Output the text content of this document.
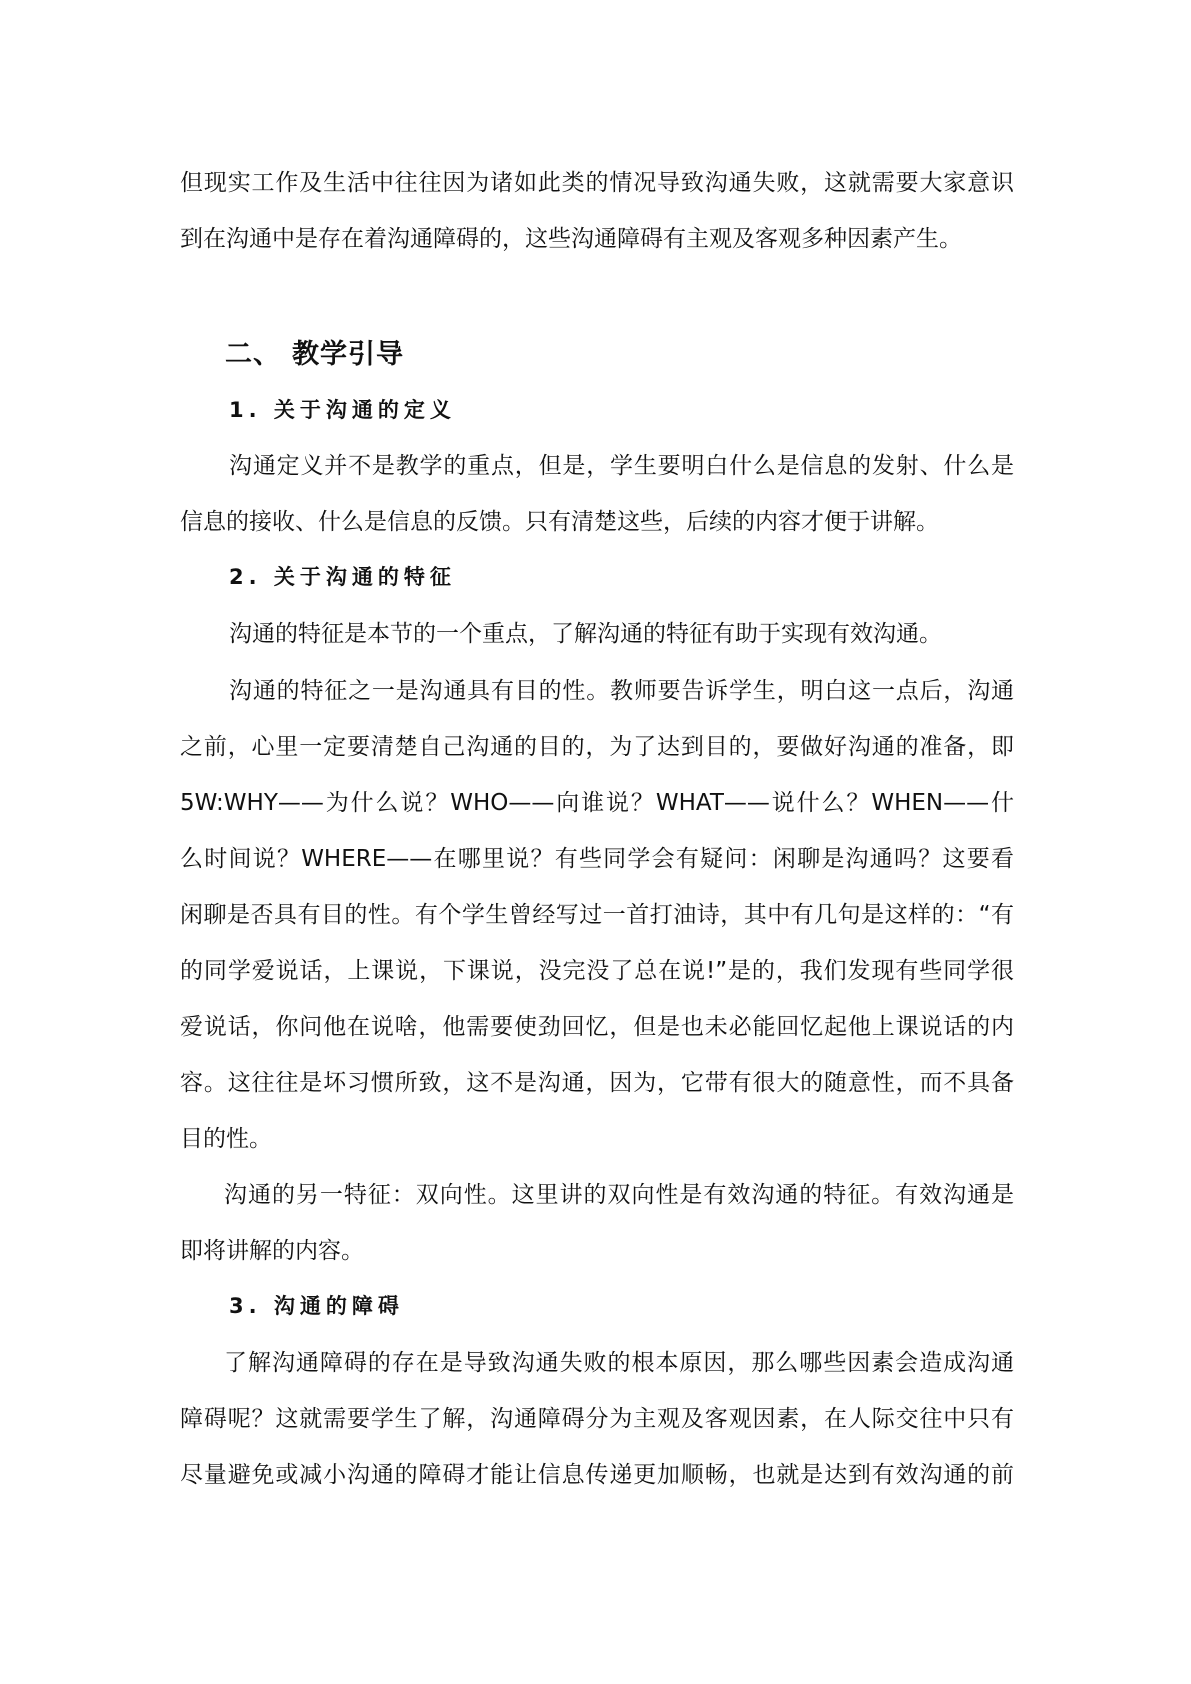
但现实工作及生活中往往因为诸如此类的情况导致沟通失败，这就需要大家意识
到在沟通中是存在着沟通障碍的，这些沟通障碍有主观及客观多种因素产生。
二、 教学引导
1. 关于沟通的定义
沟通定义并不是教学的重点，但是，学生要明白什么是信息的发射、什么是
信息的接收、什么是信息的反馈。只有清楚这些，后续的内容才便于讲解。
2. 关于沟通的特征
沟通的特征是本节的一个重点，了解沟通的特征有助于实现有效沟通。
沟通的特征之一是沟通具有目的性。教师要告诉学生，明白这一点后，沟通
之前，心里一定要清楚自己沟通的目的，为了达到目的，要做好沟通的准备，即
5W:WHY——为什么说？WHO——向谁说？WHAT——说什么？WHEN——什
么时间说？WHERE——在哪里说？有些同学会有疑问：闲聊是沟通吗？这要看
闲聊是否具有目的性。有个学生曾经写过一首打油诗，其中有几句是这样的：“有
的同学爱说话，上课说，下课说，没完没了总在说!”是的，我们发现有些同学很
爱说话，你问他在说啥，他需要使劲回忆，但是也未必能回忆起他上课说话的内
容。这往往是坏习惯所致，这不是沟通，因为，它带有很大的随意性，而不具备
目的性。
沟通的另一特征：双向性。这里讲的双向性是有效沟通的特征。有效沟通是
即将讲解的内容。
3. 沟通的障碍
了解沟通障碍的存在是导致沟通失败的根本原因，那么哪些因素会造成沟通
障碍呢？这就需要学生了解，沟通障碍分为主观及客观因素，在人际交往中只有
尽量避免或减小沟通的障碍才能让信息传递更加顺畅，也就是达到有效沟通的前
